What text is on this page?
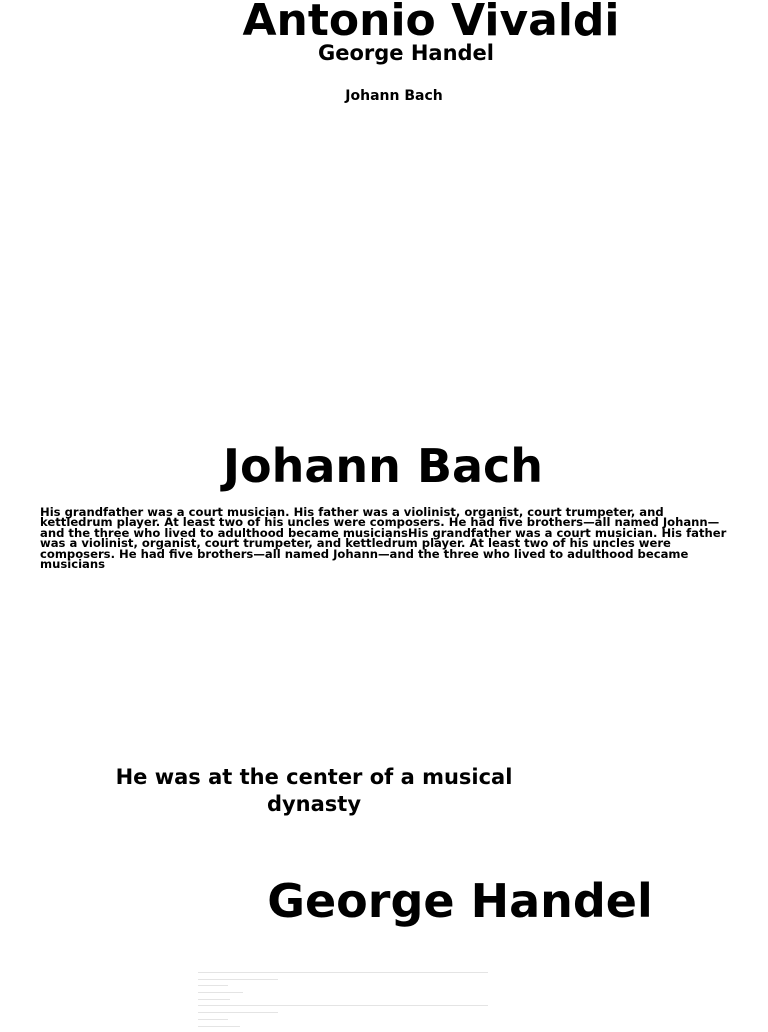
Antonio Vivaldi
George Handel
Johann Bach
Johann Bach

His grandfather was a court musician. His father was a violinist, organist, court trumpeter, and kettledrum player. At least two of his uncles were composers. He had five brothers—all named Johann—and the three who lived to adulthood became musiciansHis grandfather was a court musician. His father was a violinist, organist, court trumpeter, and kettledrum player. At least two of his uncles were composers. He had five brothers—all named Johann—and the three who lived to adulthood became musicians

He was at the center of a musical dynasty

George Handel
